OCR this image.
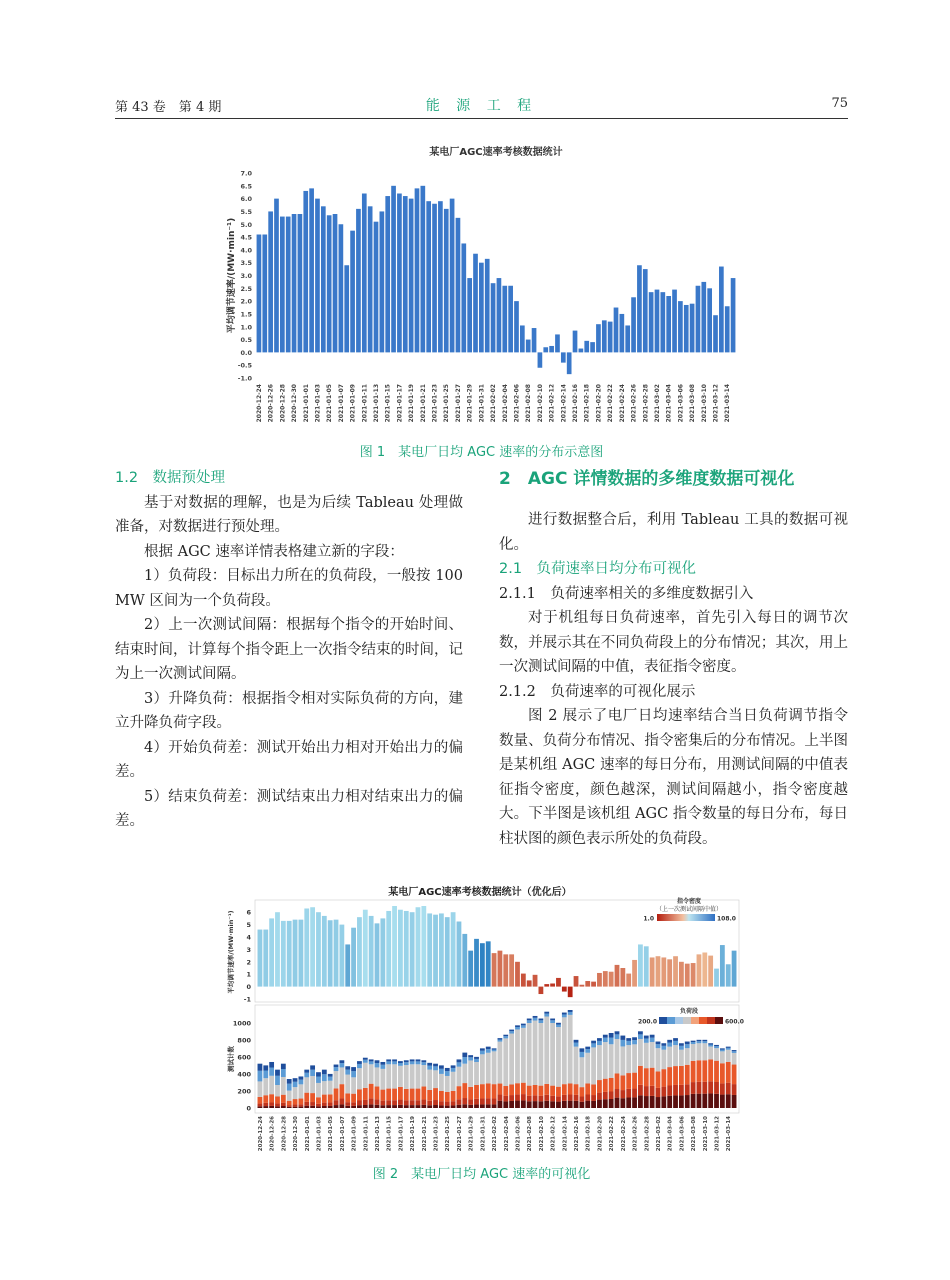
第 43 卷　第 4 期	能 源 工 程	75
某电厂AGC速率考核数据统计
-1.0
-0.5
0.0
0.5
1.0
1.5
2.0
2.5
3.0
3.5
4.0
4.5
5.0
5.5
6.0
6.5
7.0
平均调节速率/(MW·min⁻¹)
2020-12-24 2020-12-26 2020-12-28 2020-12-30 2021-01-01 2021-01-03 2021-01-05 2021-01-07 2021-01-09 2021-01-11 2021-01-13 2021-01-15 2021-01-17 2021-01-19 2021-01-21 2021-01-23 2021-01-25 2021-01-27 2021-01-29 2021-01-31 2021-02-02 2021-02-04 2021-02-06 2021-02-08 2021-02-10 2021-02-12 2021-02-14 2021-02-16 2021-02-18 2021-02-20 2021-02-22 2021-02-24 2021-02-26 2021-02-28 2021-03-02 2021-03-04 2021-03-06 2021-03-08 2021-03-10 2021-03-12 2021-03-14
图 1　某电厂日均 AGC 速率的分布示意图

1.2　数据预处理

基于对数据的理解，也是为后续 Tableau 处理做准备，对数据进行预处理。

根据 AGC 速率详情表格建立新的字段：

1）负荷段：目标出力所在的负荷段，一般按 100 MW 区间为一个负荷段。

2）上一次测试间隔：根据每个指令的开始时间、结束时间，计算每个指令距上一次指令结束的时间，记为上一次测试间隔。

3）升降负荷：根据指令相对实际负荷的方向，建立升降负荷字段。

4）开始负荷差：测试开始出力相对开始出力的偏差。

5）结束负荷差：测试结束出力相对结束出力的偏差。

2　AGC 详情数据的多维度数据可视化

进行数据整合后，利用 Tableau 工具的数据可视化。

2.1　负荷速率日均分布可视化

2.1.1　负荷速率相关的多维度数据引入

对于机组每日负荷速率，首先引入每日的调节次数，并展示其在不同负荷段上的分布情况；其次，用上一次测试间隔的中值，表征指令密度。

2.1.2　负荷速率的可视化展示

图 2 展示了电厂日均速率结合当日负荷调节指令数量、负荷分布情况、指令密集后的分布情况。上半图是某机组 AGC 速率的每日分布，用测试间隔的中值表征指令密度，颜色越深，测试间隔越小，指令密度越大。下半图是该机组 AGC 指令数量的每日分布，每日柱状图的颜色表示所处的负荷段。

某电厂AGC速率考核数据统计（优化后）
-1
0
1
2
3
4
5
6
平均调节速率/(MW·min⁻¹)
指令密度
（上一次测试间隔中值）
1.0	108.0
0
200
400
600
800
1000
测试计数
负荷段
200.0	600.0
2020-12-24 2020-12-26 2020-12-28 2020-12-30 2021-01-01 2021-01-03 2021-01-05 2021-01-07 2021-01-09 2021-01-11 2021-01-13 2021-01-15 2021-01-17 2021-01-19 2021-01-21 2021-01-23 2021-01-25 2021-01-27 2021-01-29 2021-01-31 2021-02-02 2021-02-04 2021-02-06 2021-02-08 2021-02-10 2021-02-12 2021-02-14 2021-02-16 2021-02-18 2021-02-20 2021-02-22 2021-02-24 2021-02-26 2021-02-28 2021-03-02 2021-03-04 2021-03-06 2021-03-08 2021-03-10 2021-03-12 2021-03-14
图 2　某电厂日均 AGC 速率的可视化
